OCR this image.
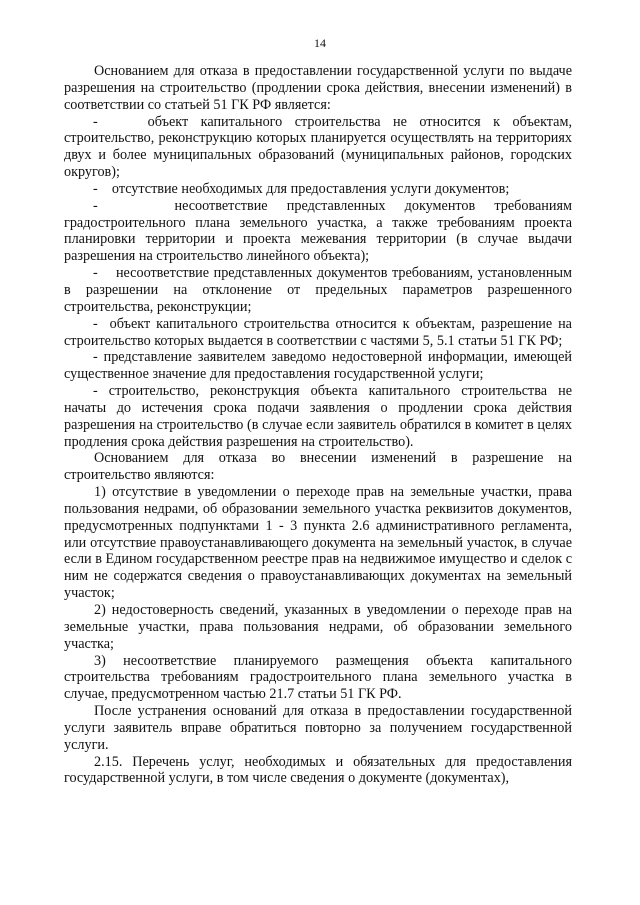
14

Основанием для отказа в предоставлении государственной услуги по выдаче разрешения на строительство (продлении срока действия, внесении изменений) в соответствии со статьей 51 ГК РФ является:

-    объект капитального строительства не относится к объектам, строительство, реконструкцию которых планируется осуществлять на территориях двух и более муниципальных образований (муниципальных районов, городских округов);

-    отсутствие необходимых для предоставления услуги документов;

-    несоответствие представленных документов требованиям градостроительного плана земельного участка, а также требованиям проекта планировки территории и проекта межевания территории (в случае выдачи разрешения на строительство линейного объекта);

-    несоответствие представленных документов требованиям, установленным в разрешении на отклонение от предельных параметров разрешенного строительства, реконструкции;

-  объект капитального строительства относится к объектам, разрешение на строительство которых выдается в соответствии с частями 5, 5.1 статьи 51 ГК РФ;

- представление заявителем заведомо недостоверной информации, имеющей существенное значение для предоставления государственной услуги;

- строительство, реконструкция объекта капитального строительства не начаты до истечения срока подачи заявления о продлении срока действия разрешения на строительство (в случае если заявитель обратился в комитет в целях продления срока действия разрешения на строительство).

Основанием для отказа во внесении изменений в разрешение на строительство являются:

1) отсутствие в уведомлении о переходе прав на земельные участки, права пользования недрами, об образовании земельного участка реквизитов документов, предусмотренных подпунктами 1 - 3 пункта 2.6 административного регламента, или отсутствие правоустанавливающего документа на земельный участок, в случае если в Едином государственном реестре прав на недвижимое имущество и сделок с ним не содержатся сведения о правоустанавливающих документах на земельный участок;

2) недостоверность сведений, указанных в уведомлении о переходе прав на земельные участки, права пользования недрами, об образовании земельного участка;

3) несоответствие планируемого размещения объекта капитального строительства требованиям градостроительного плана земельного участка в случае, предусмотренном частью 21.7 статьи 51 ГК РФ.

После устранения оснований для отказа в предоставлении государственной услуги заявитель вправе обратиться повторно за получением государственной услуги.

2.15. Перечень услуг, необходимых и обязательных для предоставления государственной услуги, в том числе сведения о документе (документах),
